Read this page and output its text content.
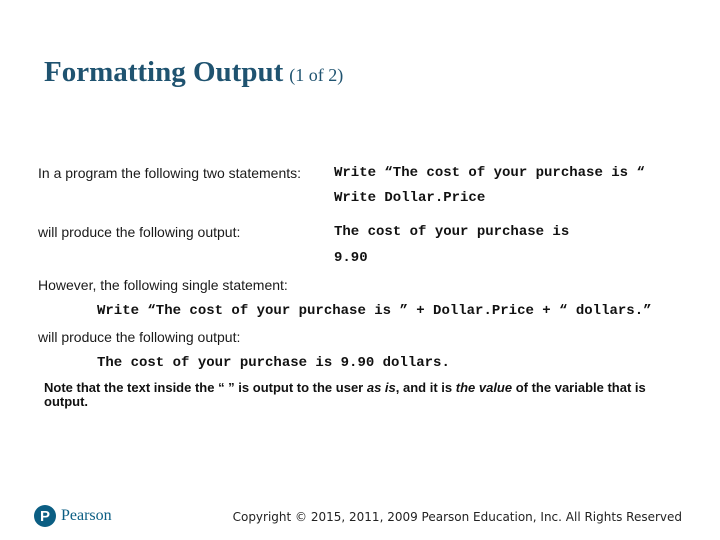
Formatting Output (1 of 2)
In a program the following two statements: Write “The cost of your purchase is “
Write Dollar.Price
will produce the following output:	The cost of your purchase is
9.90
However, the following single statement:
Write “The cost of your purchase is ” + Dollar.Price + “ dollars.”
will produce the following output:
The cost of your purchase is 9.90 dollars.
Note that the text inside the “ ” is output to the user as is, and it is the value of the variable that is output.
P Pearson	Copyright © 2015, 2011, 2009 Pearson Education, Inc. All Rights Reserved
